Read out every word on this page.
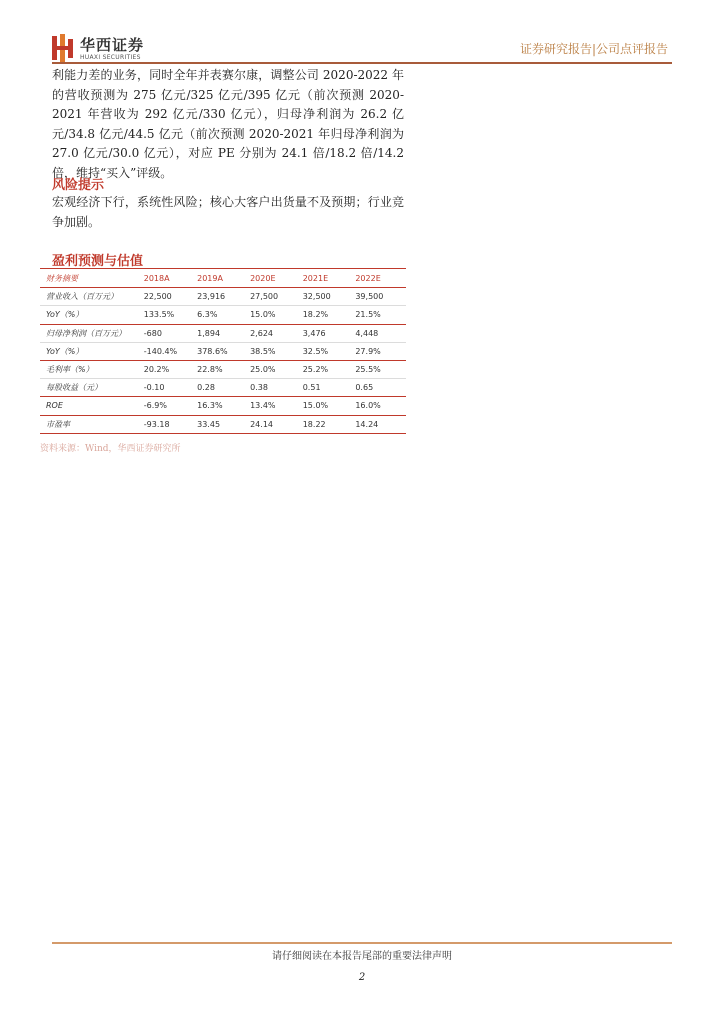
华西证券
HUAXI SECURITIES
证券研究报告|公司点评报告
利能力差的业务，同时全年并表赛尔康，调整公司 2020-2022 年的营收预测为 275 亿元/325 亿元/395 亿元（前次预测 2020-2021 年营收为 292 亿元/330 亿元），归母净利润为 26.2 亿元/34.8 亿元/44.5 亿元（前次预测 2020-2021 年归母净利润为 27.0 亿元/30.0 亿元），对应 PE 分别为 24.1 倍/18.2 倍/14.2 倍，维持“买入”评级。
风险提示
宏观经济下行，系统性风险；核心大客户出货量不及预期；行业竞争加剧。
盈利预测与估值
财务摘要	2018A	2019A	2020E	2021E	2022E
营业收入（百万元）	22,500	23,916	27,500	32,500	39,500
YoY（%）	133.5%	6.3%	15.0%	18.2%	21.5%
归母净利润（百万元）	-680	1,894	2,624	3,476	4,448
YoY（%）	-140.4%	378.6%	38.5%	32.5%	27.9%
毛利率（%）	20.2%	22.8%	25.0%	25.2%	25.5%
每股收益（元）	-0.10	0.28	0.38	0.51	0.65
ROE	-6.9%	16.3%	13.4%	15.0%	16.0%
市盈率	-93.18	33.45	24.14	18.22	14.24
资料来源：Wind，华西证券研究所
请仔细阅读在本报告尾部的重要法律声明
2
